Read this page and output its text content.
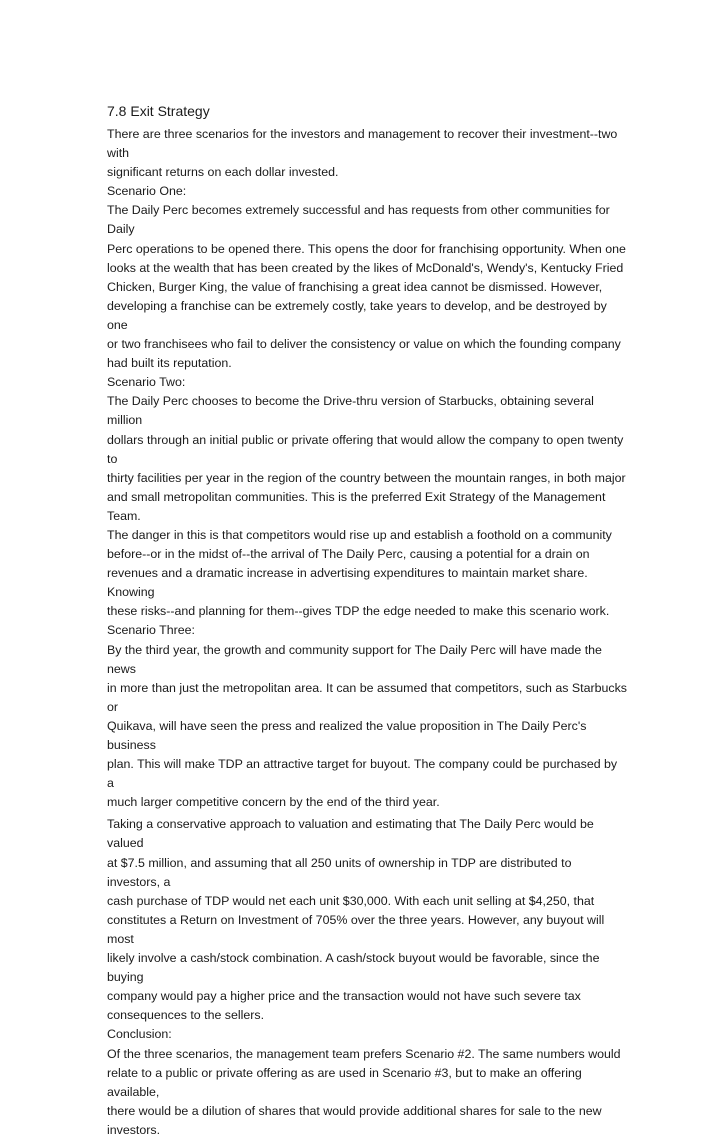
7.8 Exit Strategy

There are three scenarios for the investors and management to recover their investment--two with
significant returns on each dollar invested.

Scenario One:

The Daily Perc becomes extremely successful and has requests from other communities for Daily
Perc operations to be opened there. This opens the door for franchising opportunity. When one
looks at the wealth that has been created by the likes of McDonald's, Wendy's, Kentucky Fried
Chicken, Burger King, the value of franchising a great idea cannot be dismissed. However,
developing a franchise can be extremely costly, take years to develop, and be destroyed by one
or two franchisees who fail to deliver the consistency or value on which the founding company
had built its reputation.

Scenario Two:

The Daily Perc chooses to become the Drive-thru version of Starbucks, obtaining several million
dollars through an initial public or private offering that would allow the company to open twenty to
thirty facilities per year in the region of the country between the mountain ranges, in both major
and small metropolitan communities. This is the preferred Exit Strategy of the Management Team.
The danger in this is that competitors would rise up and establish a foothold on a community
before--or in the midst of--the arrival of The Daily Perc, causing a potential for a drain on
revenues and a dramatic increase in advertising expenditures to maintain market share. Knowing
these risks--and planning for them--gives TDP the edge needed to make this scenario work.

Scenario Three:

By the third year, the growth and community support for The Daily Perc will have made the news
in more than just the metropolitan area. It can be assumed that competitors, such as Starbucks or
Quikava, will have seen the press and realized the value proposition in The Daily Perc's business
plan. This will make TDP an attractive target for buyout. The company could be purchased by a
much larger competitive concern by the end of the third year.

Taking a conservative approach to valuation and estimating that The Daily Perc would be valued
at $7.5 million, and assuming that all 250 units of ownership in TDP are distributed to investors, a
cash purchase of TDP would net each unit $30,000. With each unit selling at $4,250, that
constitutes a Return on Investment of 705% over the three years. However, any buyout will most
likely involve a cash/stock combination. A cash/stock buyout would be favorable, since the buying
company would pay a higher price and the transaction would not have such severe tax
consequences to the sellers.

Conclusion:

Of the three scenarios, the management team prefers Scenario #2. The same numbers would
relate to a public or private offering as are used in Scenario #3, but to make an offering available,
there would be a dilution of shares that would provide additional shares for sale to the new
investors.
